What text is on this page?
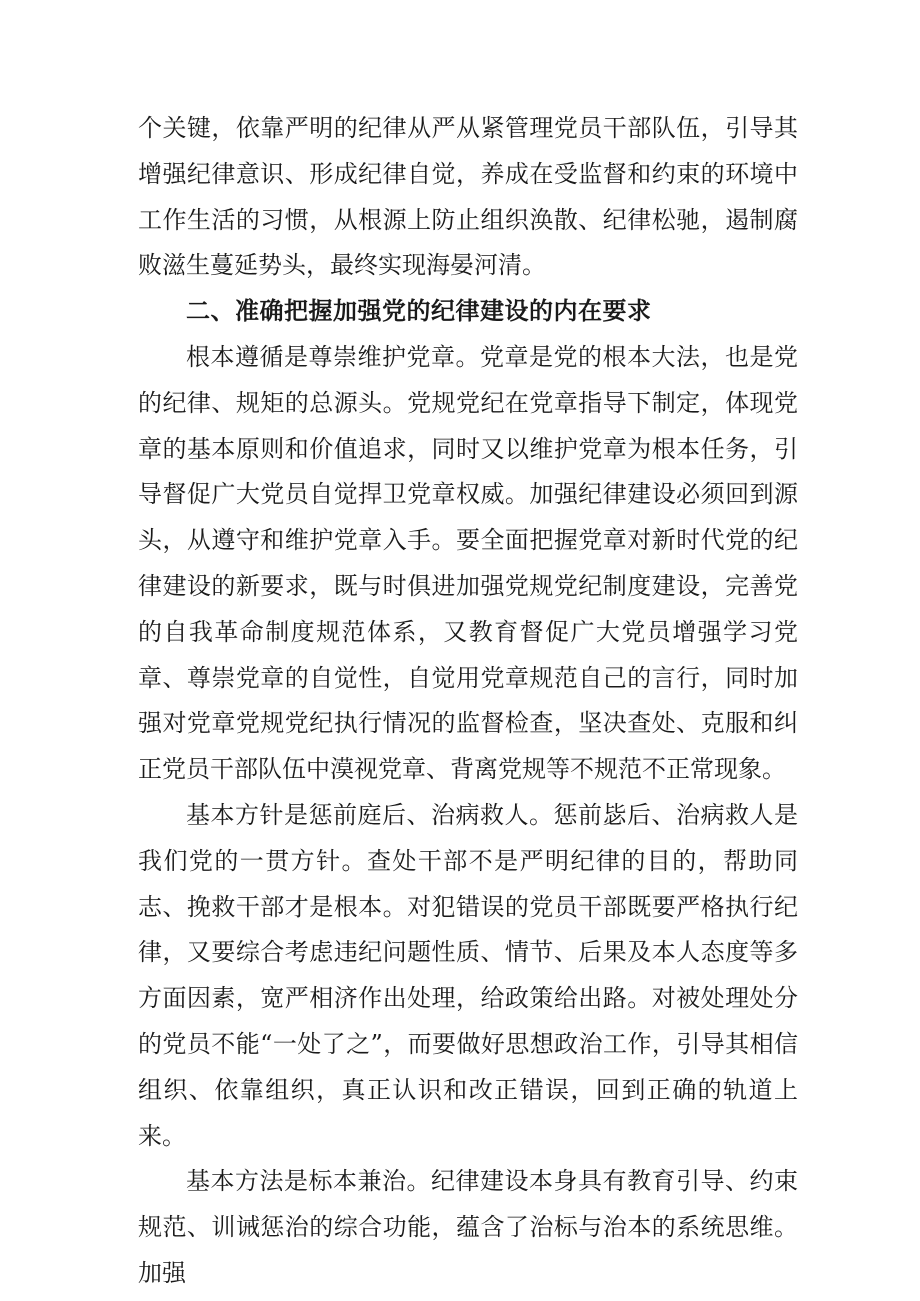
个关键，依靠严明的纪律从严从紧管理党员干部队伍，引导其增强纪律意识、形成纪律自觉，养成在受监督和约束的环境中工作生活的习惯，从根源上防止组织涣散、纪律松驰，遏制腐败滋生蔓延势头，最终实现海晏河清。

二、准确把握加强党的纪律建设的内在要求

根本遵循是尊崇维护党章。党章是党的根本大法，也是党的纪律、规矩的总源头。党规党纪在党章指导下制定，体现党章的基本原则和价值追求，同时又以维护党章为根本任务，引导督促广大党员自觉捍卫党章权威。加强纪律建设必须回到源头，从遵守和维护党章入手。要全面把握党章对新时代党的纪律建设的新要求，既与时俱进加强党规党纪制度建设，完善党的自我革命制度规范体系，又教育督促广大党员增强学习党章、尊崇党章的自觉性，自觉用党章规范自己的言行，同时加强对党章党规党纪执行情况的监督检查，坚决查处、克服和纠正党员干部队伍中漠视党章、背离党规等不规范不正常现象。

基本方针是惩前庭后、治病救人。惩前毖后、治病救人是我们党的一贯方针。查处干部不是严明纪律的目的，帮助同志、挽救干部才是根本。对犯错误的党员干部既要严格执行纪律，又要综合考虑违纪问题性质、情节、后果及本人态度等多方面因素，宽严相济作出处理，给政策给出路。对被处理处分的党员不能“一处了之”，而要做好思想政治工作，引导其相信组织、依靠组织，真正认识和改正错误，回到正确的轨道上来。

基本方法是标本兼治。纪律建设本身具有教育引导、约束规范、训诫惩治的综合功能，蕴含了治标与治本的系统思维。加强
